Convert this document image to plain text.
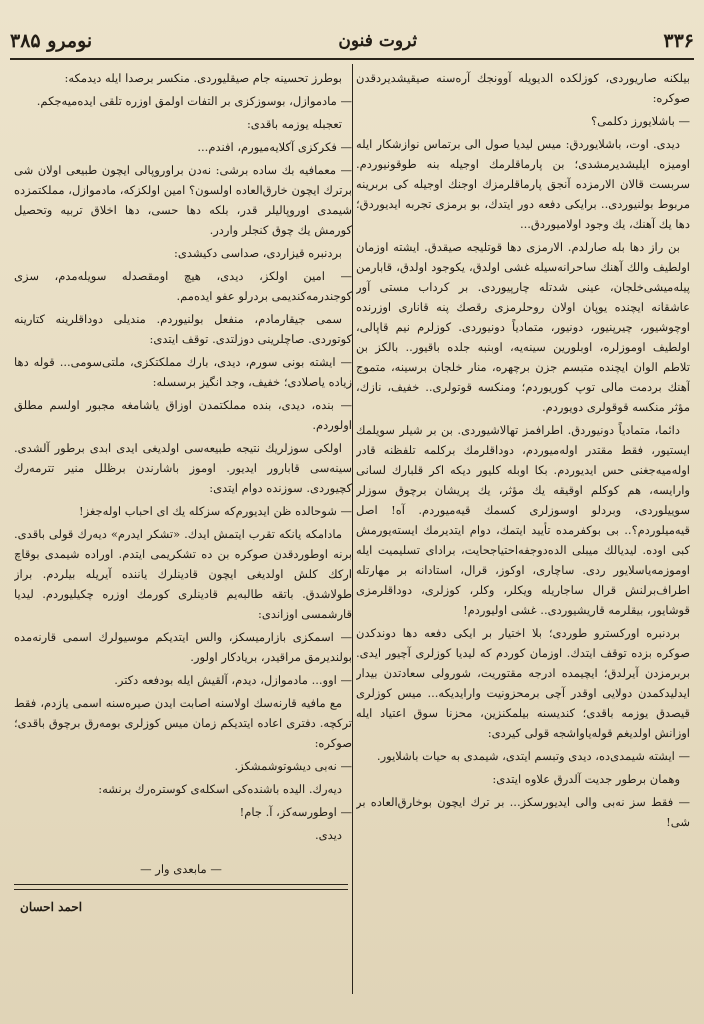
۳۳۶
ثروت فنون
نومرو ۳۸۵

بیلکنه صاریوردی، کوزلکده الدیویله آوونجك آرەسنه صیقیشدیردقدن صوکره:

— باشلایورز دکلمی؟

دیدی. اوت، باشلایوردق: میس لیدیا صول الی برتماس نوازشکار ایله اومیزه ایلیشدیرمشدی؛ بن پارماقلرمك اوجیله بنه طوقونیوردم. سربست قالان الارمزده آنجق پارماقلرمزك اوجنك اوجیله کی بربرینه مربوط بولنیوردی.. برایکی دفعه دور ایتدك، بو برمزی تجربه ایدیوردق؛ دها یك آهنك، یك وجود اولامیوردق...

بن راز دها بله صارلدم. الارمزی دها قوتلیجه صیقدق. ایشته اوزمان اولطیف والك آهنك ساحرانه‌سیله غشی اولدق، یکوجود اولدق، قابارمن پیلەمیشی‌خلجان، عینی شدتله چارپیوردی. بر کرداب مستی آور عاشقانه ایچنده یوپان اولان روحلرمزی رقصك پنه قاناری اوزرنده اوچوشیور، چیرپنیور، دونیور، متمادیاً دونیوردی. کوزلرم نیم قاپالی، اولطیف اوموزلره، اوبلورین سینه‌یه، اوبنبه جلده باقیور.. بالکز بن تلاطم الوان ایچنده متبسم جزن برچهره، منار خلجان برسینه، متموج آهنك بردمت مالی توپ کوریوردم؛ ومنکسه قوتولری.. خفیف، نازك، مؤثر منکسه قوقولری دویوردم.

دائما، متمادیاً دونیوردق. اطرافمز تهالاشیوردی. بن بر شیلر سویلمك ایستیور، فقط مقتدر اولەمیوردم، دوداقلرمك برکلمه تلفظنه قادر اولەمیەجغنی حس ایدیوردم. بکا اوبله کلیور دیکه اکر قلبارك لسانی وارایسه، هم کوکلم اوقیقه یك مؤثر، یك پریشان برچوق سوزلر سوییلوردی، وبردلو اوسوزلری کسمك قیه‌میوردم. آه! اصل قیه‌میلوردم؟.. بی بوکفرمده تأیید ایتمك، دوام ایتدیرمك ایستەیورمش کبی اوده. لیدیالك میبلی الدەدوجفەاحتیاجحایت، برادای تسلیمیت ایله اوموزمه‌یاسلایور ردی. ساچاری، اوکوز، قرال، استادانه بر مهارتله اطراف‌برلنش قرال ساجاریله ویکلر، وکلر، کوزلری، دوداقلرمزی قوشایور، بیقلرمه قاریشیوردی.. غشی اولیوردم!

بردنبره اورکسترو طوردی؛ بلا اختیار بر ایکی دفعه دها دوندکدن صوکره بزده توقف ایتدك. اوزمان کوردم که لیدیا کوزلری آچیور ایدی. بربرمزدن آیرلدق؛ ایچیمده ادرجه مقتوریت، شورولی سعادتدن بیدار ایدلیدکمدن دولایی اوقدر آچی برمحزونیت وارایدیکه... میس کوزلری قیصدق یوزمه باقدی؛ کنديسنه بیلمکنزین، محزنا سوق اعتیاد ایله اوزانش اولدیغم قوله‌یاواشجه قولی کیردی:

— ایشته شیمدی‌ده، دیدی وتبسم ایتدی، شیمدی به حیات باشلایور.

وهمان برطور جدیت آلدرق علاوه ایتدی:

— فقط سز نەبی والی ایدیورسکز... بر ترك ایچون بوخارق‌العاده بر شی!

بوطرز تحسینه جام صیقلیوردی. منکسر برصدا ایله دیدمکه:

— مادموازل، بوسوزکزی بر التفات اولمق اوزره تلقی ایدەمیەجکم.

تعجبله یوزمه باقدی:

— فکرکزی آکلایەمیورم، افندم...

— معمافیه بك ساده برشی: نەدن براوروپالی ایچون طبیعی اولان شی برترك ایچون خارق‌العاده اولسون؟ امین اولکزکه، مادموازل، مملکتمزده شیمدی اوروپالیلر قدر، بلکه دها حسی، دها اخلاق تربیه وتحصیل کورمش یك چوق کنجلر واردر.

بردنبره قیزاردی، صداسی دکیشدی:

— امین اولکز، دیدی، هیچ اومقصدله سویلەمدم، سزی کوجندرمه‌کندیمی بردرلو عفو ایدەمم.

سمی جیقارمادم، منفعل بولنیوردم. مندیلی دوداقلرینه کتارینه کوتوردی. صاچلرینی دوزلتدی. توقف ایتدی:

— ایشته بونی سورم، دیدی، بارك مملکتکزی، ملتی‌سومی... قوله دها زیاده یاصلادی؛ خفیف، وجد انگیز برسسله:

— بنده، دیدی، بنده مملکتمدن اوزاق یاشامغه مجبور اولسم مطلق اولوردم.

اولکی سوزلریك نتیجه طبیعه‌سی اولدیغی ایدی ابدی برطور آلشدی. سینه‌سی قابارور ایدیور. اوموز باشارندن برظلل منیر تترمەرك کچیوردی. سوزنده دوام ایتدی:

— شوحالده ظن ایدیورم‌که سزکله یك ای احباب اولەجغز!

مادامکه یانکه تقرب ایتمش ایدك. «تشکر ایدرم» دیه‌رك قولی باقدی. برنه اوطوردقدن صوکره بن ده تشکریمی ایتدم. اوراده شیمدی بوقاچ ارکك کلش اولدیغی ایچون قادینلرك یاننده آیریله بیلردم. براز طولاشدق. باتقه طالبه‌یم قادینلری کورمك اوزره چکیلیوردم. لیدیا قارشمسی اوزاندی:

— اسمکزی بازارمیسکز، والس ایتدیکم موسیولرك اسمی قارنەمده بولندیرمق مراقیدر، بریادکار اولور.

— اوو... مادموازل، دیدم، آلقیش ایله بودفعه دکتر.

مع مافیه قارنەسك اولاسنه اصابت ایدن صیره‌سنه اسمی یازدم، فقط ترکچه. دفتری اعاده ایتدیکم زمان میس کوزلری بومەرق برچوق باقدی؛ صوکره:

— نەبی دیشوتوشمشکز.

دیه‌رك. الیده باشنده‌کی اسکلەی کوسترەرك برنشه:

— اوطورسه‌کز، آ. جام!

دیدی.

— مابعدی وار —
احمد احسان
